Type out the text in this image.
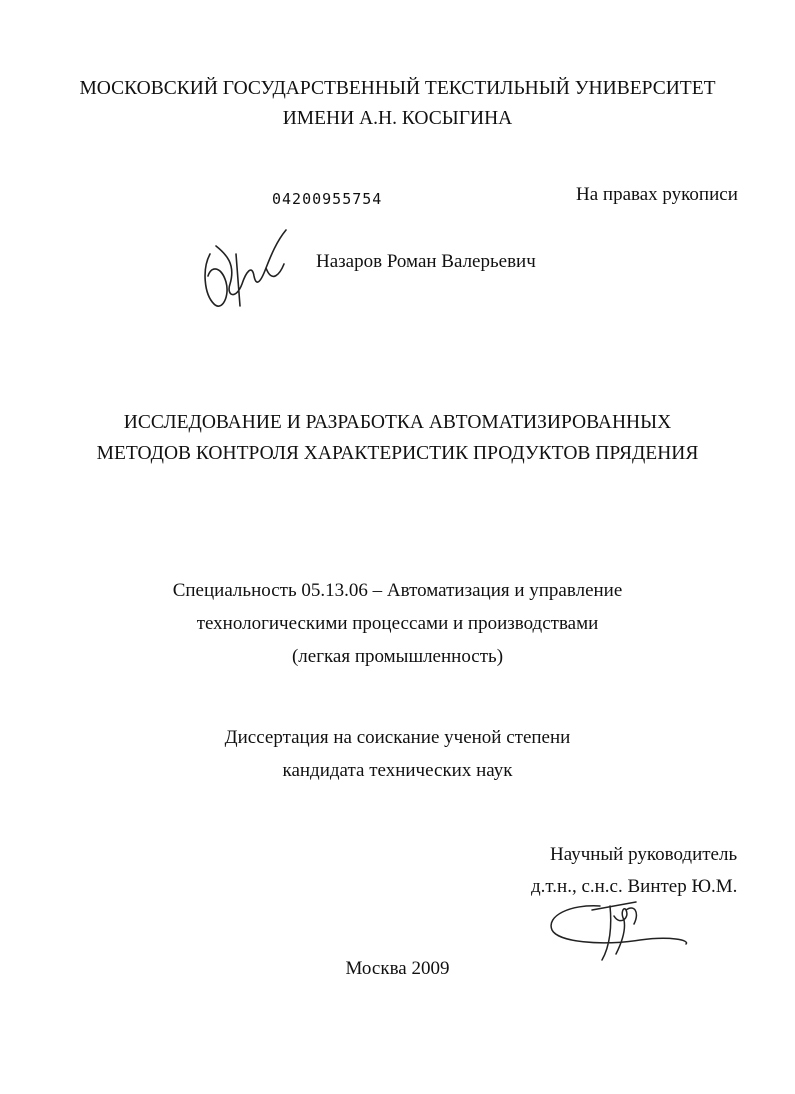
МОСКОВСКИЙ ГОСУДАРСТВЕННЫЙ ТЕКСТИЛЬНЫЙ УНИВЕРСИТЕТ
ИМЕНИ А.Н. КОСЫГИНА
04200955754	На правах рукописи
Назаров Роман Валерьевич
ИССЛЕДОВАНИЕ И РАЗРАБОТКА АВТОМАТИЗИРОВАННЫХ
МЕТОДОВ КОНТРОЛЯ ХАРАКТЕРИСТИК ПРОДУКТОВ ПРЯДЕНИЯ
Специальность 05.13.06 – Автоматизация и управление
технологическими процессами и производствами
(легкая промышленность)
Диссертация на соискание ученой степени
кандидата технических наук
Научный руководитель
д.т.н., с.н.с. Винтер Ю.М.
Москва 2009
